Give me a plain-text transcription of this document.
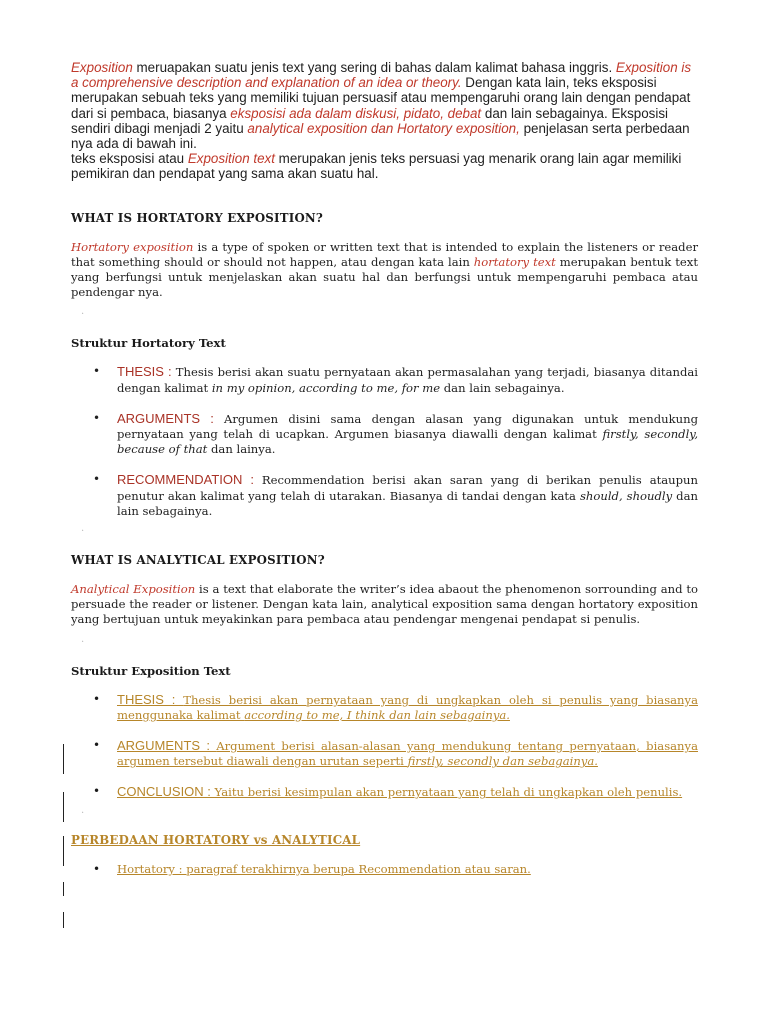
Exposition meruapakan suatu jenis text yang sering di bahas dalam kalimat bahasa inggris. Exposition is a comprehensive description and explanation of an idea or theory. Dengan kata lain, teks eksposisi merupakan sebuah teks yang memiliki tujuan persuasif atau mempengaruhi orang lain dengan pendapat dari si pembaca, biasanya eksposisi ada dalam diskusi, pidato, debat dan lain sebagainya. Eksposisi sendiri dibagi menjadi 2 yaitu analytical exposition dan Hortatory exposition, penjelasan serta perbedaan nya ada di bawah ini.
teks eksposisi atau Exposition text merupakan jenis teks persuasi yag menarik orang lain agar memiliki pemikiran dan pendapat yang sama akan suatu hal.

WHAT IS HORTATORY EXPOSITION?

Hortatory exposition is a type of spoken or written text that is intended to explain the listeners or reader that something should or should not happen, atau dengan kata lain hortatory text merupakan bentuk text yang berfungsi untuk menjelaskan akan suatu hal dan berfungsi untuk mempengaruhi pembaca atau pendengar nya.

.

Struktur Hortatory Text
• THESIS : Thesis berisi akan suatu pernyataan akan permasalahan yang terjadi, biasanya ditandai dengan kalimat in my opinion, according to me, for me dan lain sebagainya.
• ARGUMENTS : Argumen disini sama dengan alasan yang digunakan untuk mendukung pernyataan yang telah di ucapkan. Argumen biasanya diawalli dengan kalimat firstly, secondly, because of that dan lainya.
• RECOMMENDATION : Recommendation berisi akan saran yang di berikan penulis ataupun penutur akan kalimat yang telah di utarakan. Biasanya di tandai dengan kata should, shoudly dan lain sebagainya.

.

WHAT IS ANALYTICAL EXPOSITION?

Analytical Exposition is a text that elaborate the writer’s idea abaout the phenomenon sorrounding and to persuade the reader or listener. Dengan kata lain, analytical exposition sama dengan hortatory exposition yang bertujuan untuk meyakinkan para pembaca atau pendengar mengenai pendapat si penulis.

.

Struktur Exposition Text
• THESIS : Thesis berisi akan pernyataan yang di ungkapkan oleh si penulis yang biasanya menggunaka kalimat according to me, I think dan lain sebagainya.
• ARGUMENTS : Argument berisi alasan-alasan yang mendukung tentang pernyataan, biasanya argumen tersebut diawali dengan urutan seperti firstly, secondly dan sebagainya.
• CONCLUSION : Yaitu berisi kesimpulan akan pernyataan yang telah di ungkapkan oleh penulis.

.

PERBEDAAN HORTATORY vs ANALYTICAL
• Hortatory : paragraf terakhirnya berupa Recommendation atau saran.
